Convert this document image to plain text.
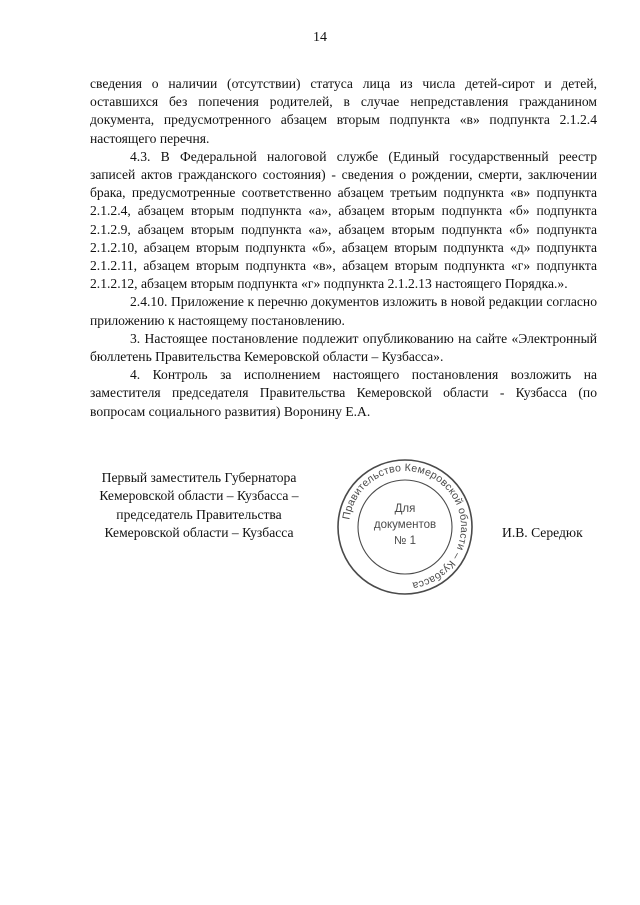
14

сведения о наличии (отсутствии) статуса лица из числа детей-сирот и детей, оставшихся без попечения родителей, в случае непредставления гражданином документа, предусмотренного абзацем вторым подпункта «в» подпункта 2.1.2.4 настоящего перечня.

4.3. В Федеральной налоговой службе (Единый государственный реестр записей актов гражданского состояния) - сведения о рождении, смерти, заключении брака, предусмотренные соответственно абзацем третьим подпункта «в» подпункта 2.1.2.4, абзацем вторым подпункта «а», абзацем вторым подпункта «б» подпункта 2.1.2.9, абзацем вторым подпункта «а», абзацем вторым подпункта «б» подпункта 2.1.2.10, абзацем вторым подпункта «б», абзацем вторым подпункта «д» подпункта 2.1.2.11, абзацем вторым подпункта «в», абзацем вторым подпункта «г» подпункта 2.1.2.12, абзацем вторым подпункта «г» подпункта 2.1.2.13 настоящего Порядка.».

2.4.10. Приложение к перечню документов изложить в новой редакции согласно приложению к настоящему постановлению.

3. Настоящее постановление подлежит опубликованию на сайте «Электронный бюллетень Правительства Кемеровской области – Кузбасса».

4. Контроль за исполнением настоящего постановления возложить на заместителя председателя Правительства Кемеровской области - Кузбасса (по вопросам социального развития) Воронину Е.А.

Первый заместитель Губернатора
Кемеровской области – Кузбасса –
председатель Правительства
Кемеровской области – Кузбасса
Правительство Кемеровской области – Кузбасса
Для
документов
№ 1
И.В. Середюк
